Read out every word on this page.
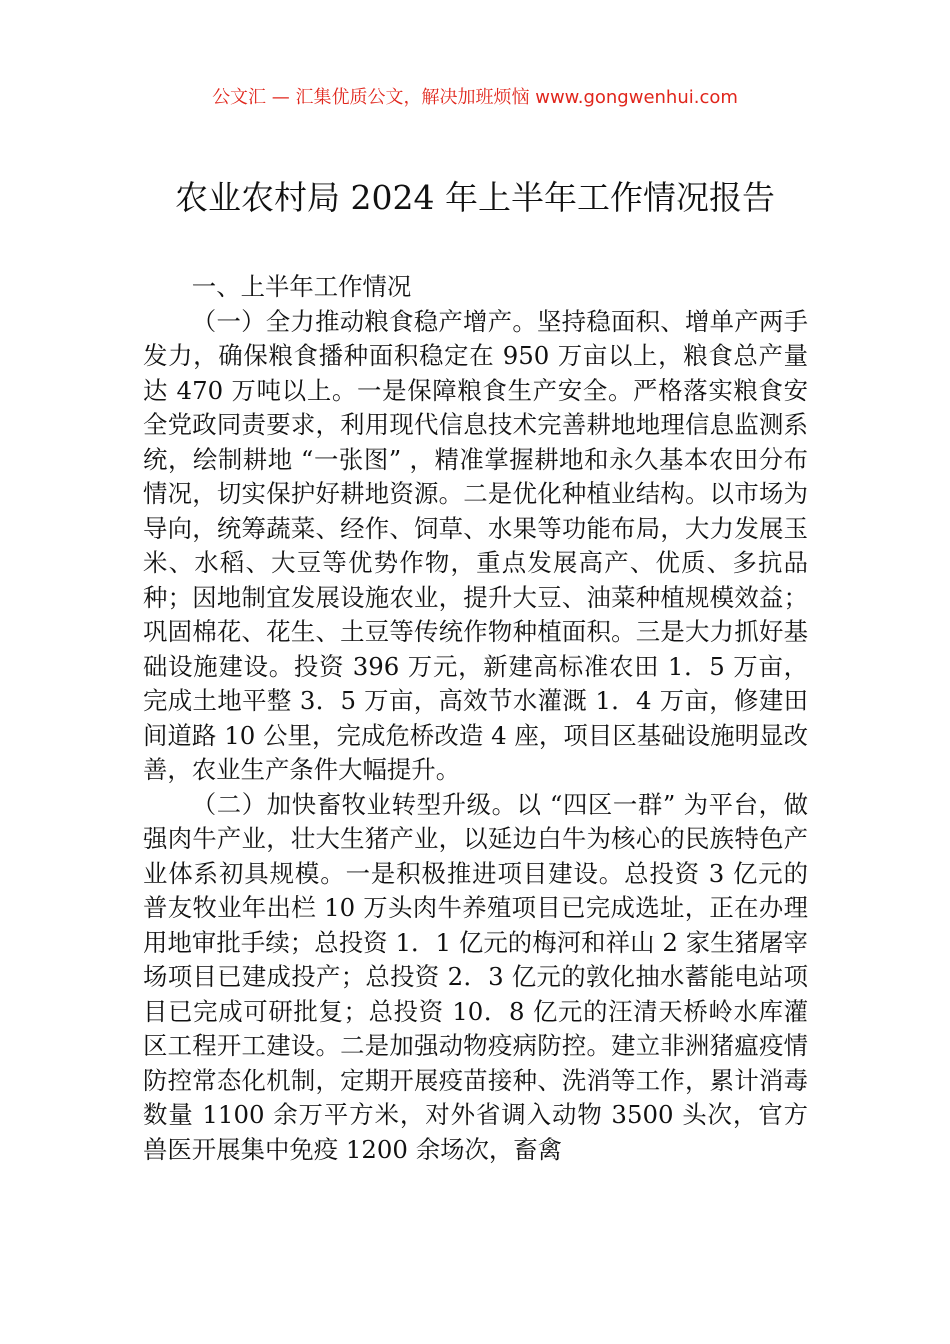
公文汇 — 汇集优质公文，解决加班烦恼 www.gongwenhui.com
农业农村局 2024 年上半年工作情况报告

一、上半年工作情况

（一）全力推动粮食稳产增产。坚持稳面积、增单产两手发力，确保粮食播种面积稳定在 950 万亩以上，粮食总产量达 470 万吨以上。一是保障粮食生产安全。严格落实粮食安全党政同责要求，利用现代信息技术完善耕地地理信息监测系统，绘制耕地 “一张图” ，精准掌握耕地和永久基本农田分布情况，切实保护好耕地资源。二是优化种植业结构。以市场为导向，统筹蔬菜、经作、饲草、水果等功能布局，大力发展玉米、水稻、大豆等优势作物，重点发展高产、优质、多抗品种；因地制宜发展设施农业，提升大豆、油菜种植规模效益；巩固棉花、花生、土豆等传统作物种植面积。三是大力抓好基础设施建设。投资 396 万元，新建高标准农田 1．5 万亩，完成土地平整 3．5 万亩，高效节水灌溉 1．4 万亩，修建田间道路 10 公里，完成危桥改造 4 座，项目区基础设施明显改善，农业生产条件大幅提升。

（二）加快畜牧业转型升级。以 “四区一群” 为平台，做强肉牛产业，壮大生猪产业，以延边白牛为核心的民族特色产业体系初具规模。一是积极推进项目建设。总投资 3 亿元的普友牧业年出栏 10 万头肉牛养殖项目已完成选址，正在办理用地审批手续；总投资 1．1 亿元的梅河和祥山 2 家生猪屠宰场项目已建成投产；总投资 2．3 亿元的敦化抽水蓄能电站项目已完成可研批复；总投资 10．8 亿元的汪清天桥岭水库灌区工程开工建设。二是加强动物疫病防控。建立非洲猪瘟疫情防控常态化机制，定期开展疫苗接种、洗消等工作，累计消毒数量 1100 余万平方米，对外省调入动物 3500 头次，官方兽医开展集中免疫 1200 余场次，畜禽
